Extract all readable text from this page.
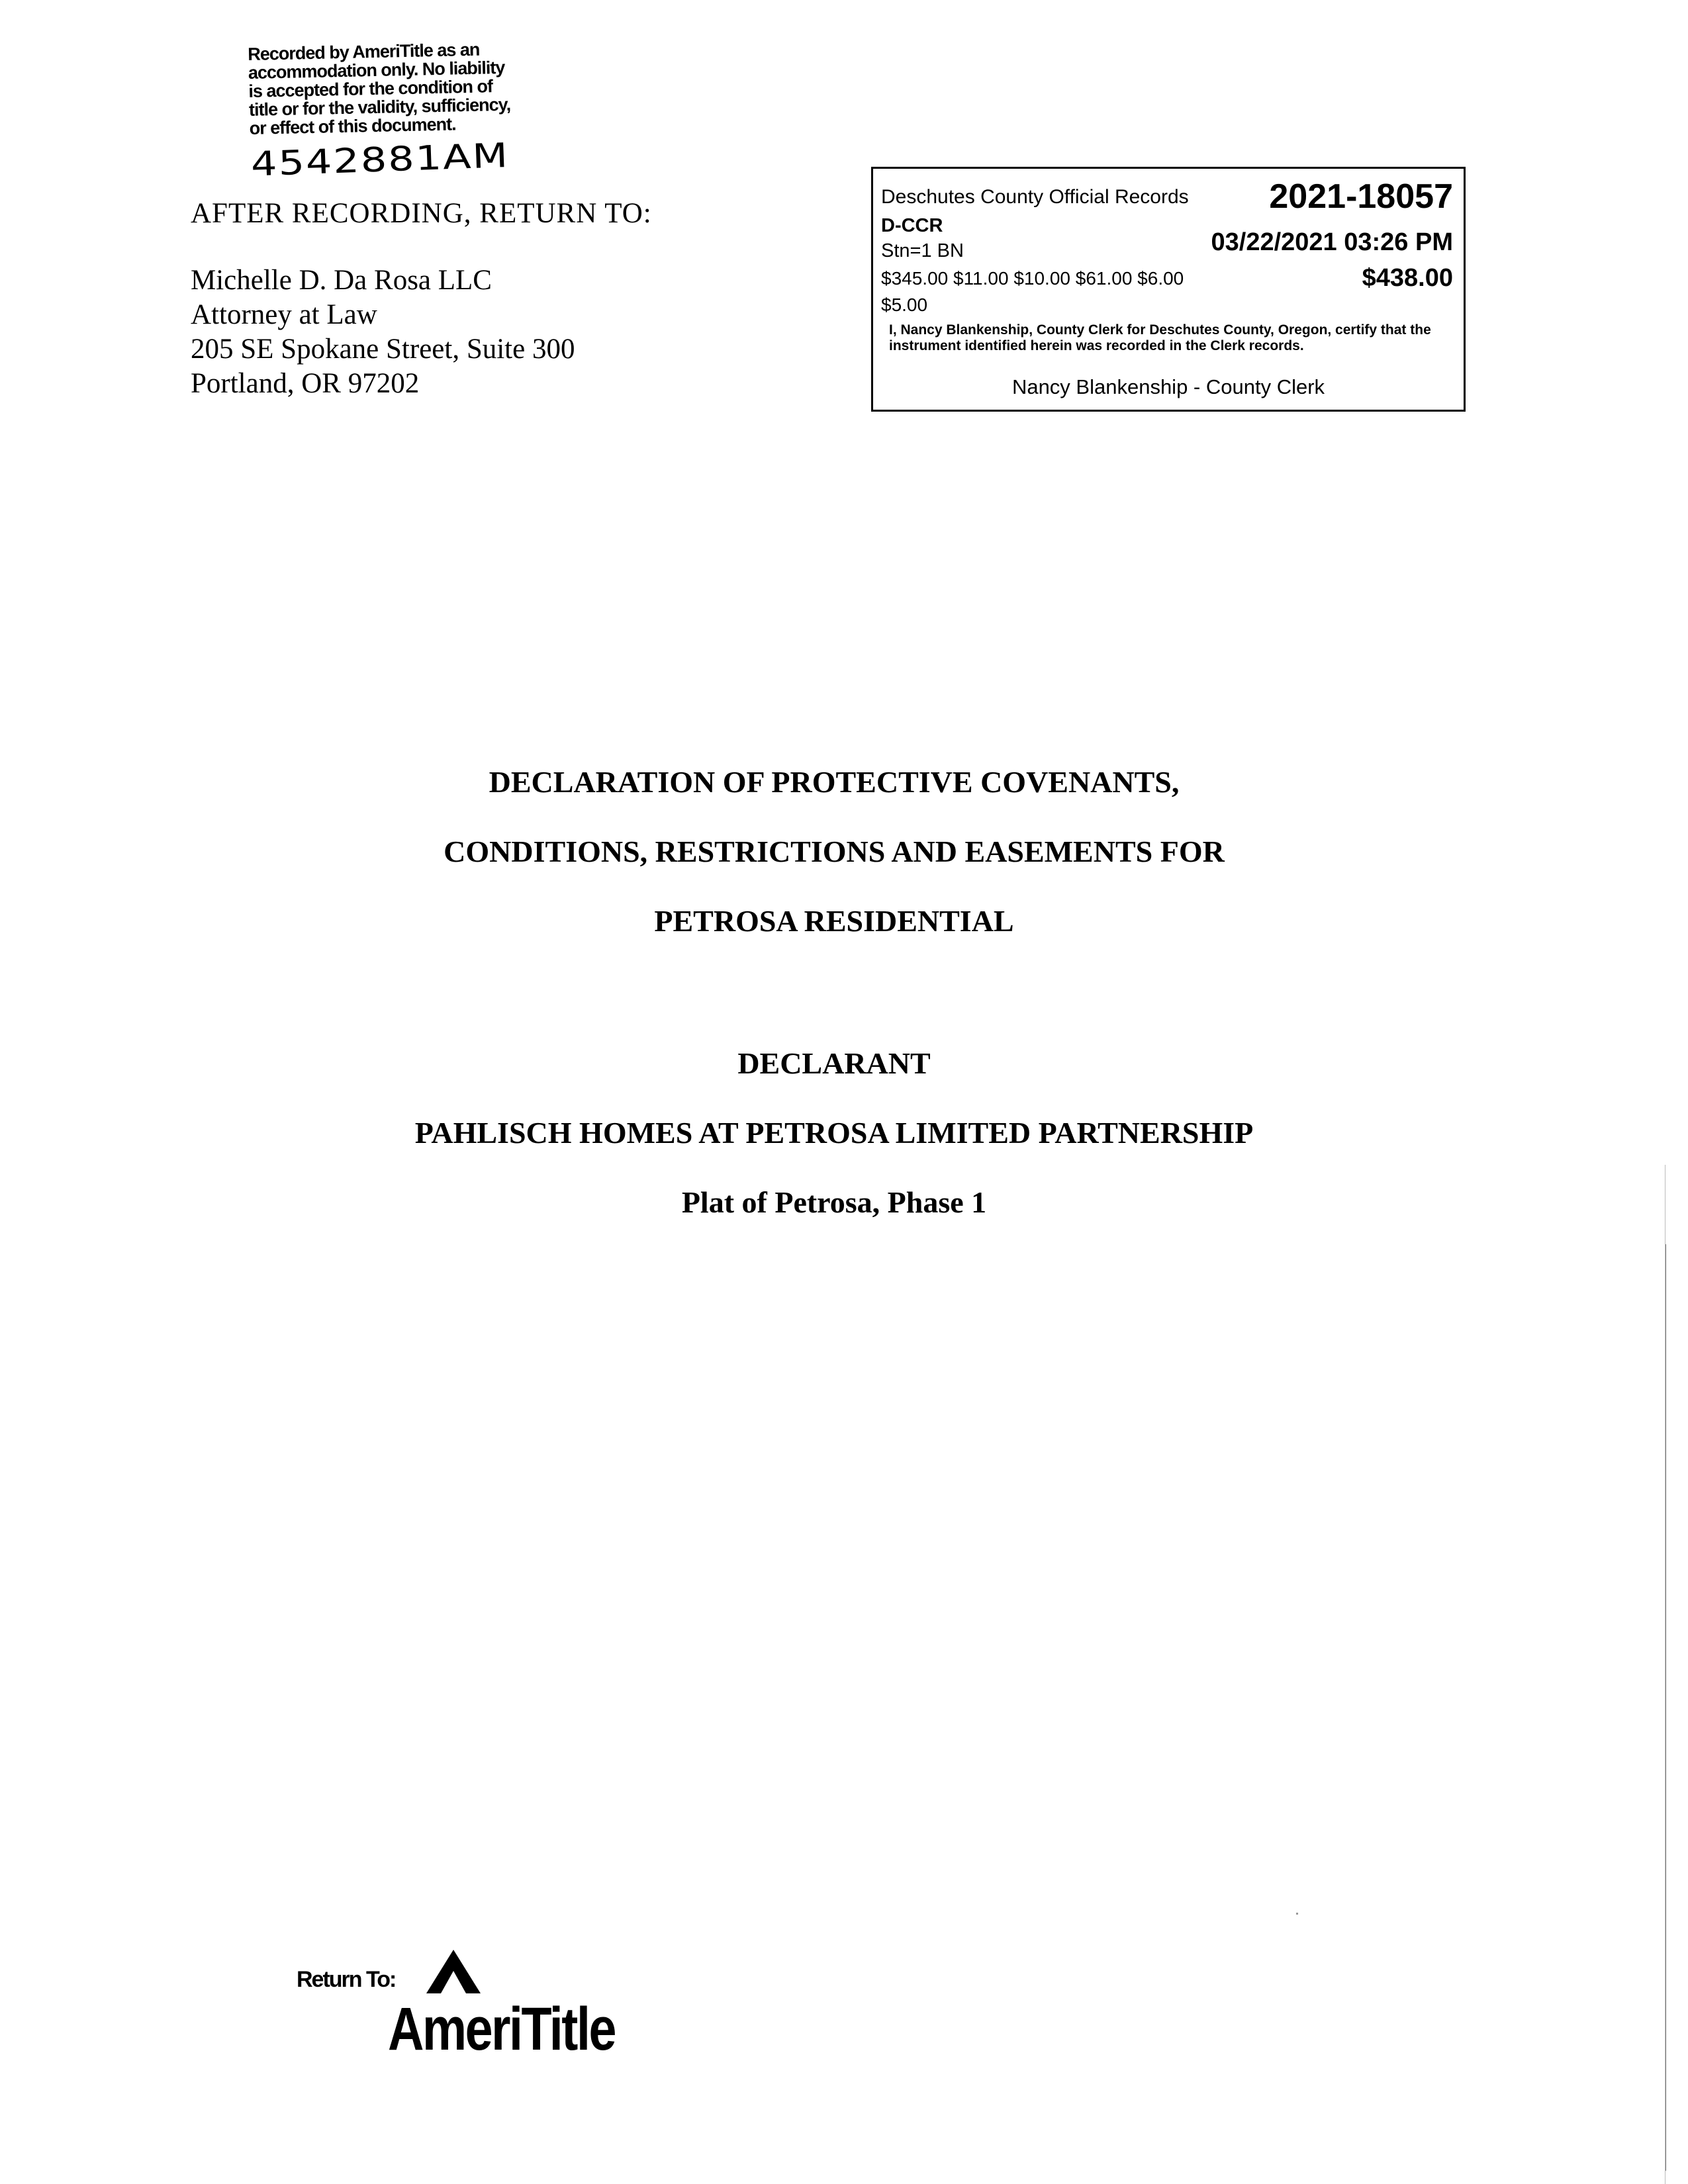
Recorded by AmeriTitle as an
accommodation only. No liability
is accepted for the condition of
title or for the validity, sufficiency,
or effect of this document.
4542881AM
AFTER RECORDING, RETURN TO:
Michelle D. Da Rosa LLC
Attorney at Law
205 SE Spokane Street, Suite 300
Portland, OR 97202
Deschutes County Official Records 2021-18057
D-CCR
03/22/2021 03:26 PM
Stn=1 BN
$345.00 $11.00 $10.00 $61.00 $6.00	$438.00
$5.00
I, Nancy Blankenship, County Clerk for Deschutes County, Oregon, certify that the instrument identified herein was recorded in the Clerk records.
Nancy Blankenship - County Clerk
DECLARATION OF PROTECTIVE COVENANTS,
CONDITIONS, RESTRICTIONS AND EASEMENTS FOR
PETROSA RESIDENTIAL
DECLARANT
PAHLISCH HOMES AT PETROSA LIMITED PARTNERSHIP
Plat of Petrosa, Phase 1
Return To:
AmeriTitle
